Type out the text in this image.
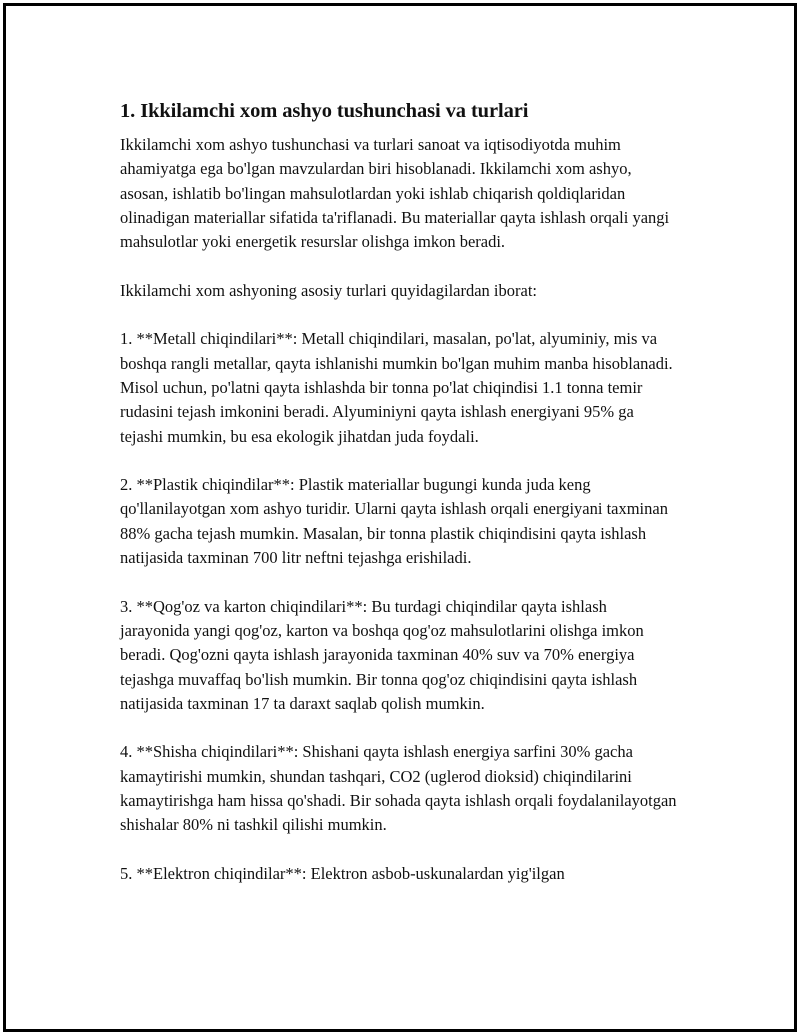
1. Ikkilamchi xom ashyo tushunchasi va turlari

Ikkilamchi xom ashyo tushunchasi va turlari sanoat va iqtisodiyotda muhim ahamiyatga ega bo'lgan mavzulardan biri hisoblanadi. Ikkilamchi xom ashyo, asosan, ishlatib bo'lingan mahsulotlardan yoki ishlab chiqarish qoldiqlaridan olinadigan materiallar sifatida ta'riflanadi. Bu materiallar qayta ishlash orqali yangi mahsulotlar yoki energetik resurslar olishga imkon beradi.

Ikkilamchi xom ashyoning asosiy turlari quyidagilardan iborat:

1. **Metall chiqindilari**: Metall chiqindilari, masalan, po'lat, alyuminiy, mis va boshqa rangli metallar, qayta ishlanishi mumkin bo'lgan muhim manba hisoblanadi. Misol uchun, po'latni qayta ishlashda bir tonna po'lat chiqindisi 1.1 tonna temir rudasini tejash imkonini beradi. Alyuminiyni qayta ishlash energiyani 95% ga tejashi mumkin, bu esa ekologik jihatdan juda foydali.

2. **Plastik chiqindilar**: Plastik materiallar bugungi kunda juda keng qo'llanilayotgan xom ashyo turidir. Ularni qayta ishlash orqali energiyani taxminan 88% gacha tejash mumkin. Masalan, bir tonna plastik chiqindisini qayta ishlash natijasida taxminan 700 litr neftni tejashga erishiladi.

3. **Qog'oz va karton chiqindilari**: Bu turdagi chiqindilar qayta ishlash jarayonida yangi qog'oz, karton va boshqa qog'oz mahsulotlarini olishga imkon beradi. Qog'ozni qayta ishlash jarayonida taxminan 40% suv va 70% energiya tejashga muvaffaq bo'lish mumkin. Bir tonna qog'oz chiqindisini qayta ishlash natijasida taxminan 17 ta daraxt saqlab qolish mumkin.

4. **Shisha chiqindilari**: Shishani qayta ishlash energiya sarfini 30% gacha kamaytirishi mumkin, shundan tashqari, CO2 (uglerod dioksid) chiqindilarini kamaytirishga ham hissa qo'shadi. Bir sohada qayta ishlash orqali foydalanilayotgan shishalar 80% ni tashkil qilishi mumkin.

5. **Elektron chiqindilar**: Elektron asbob-uskunalardan yig'ilgan
